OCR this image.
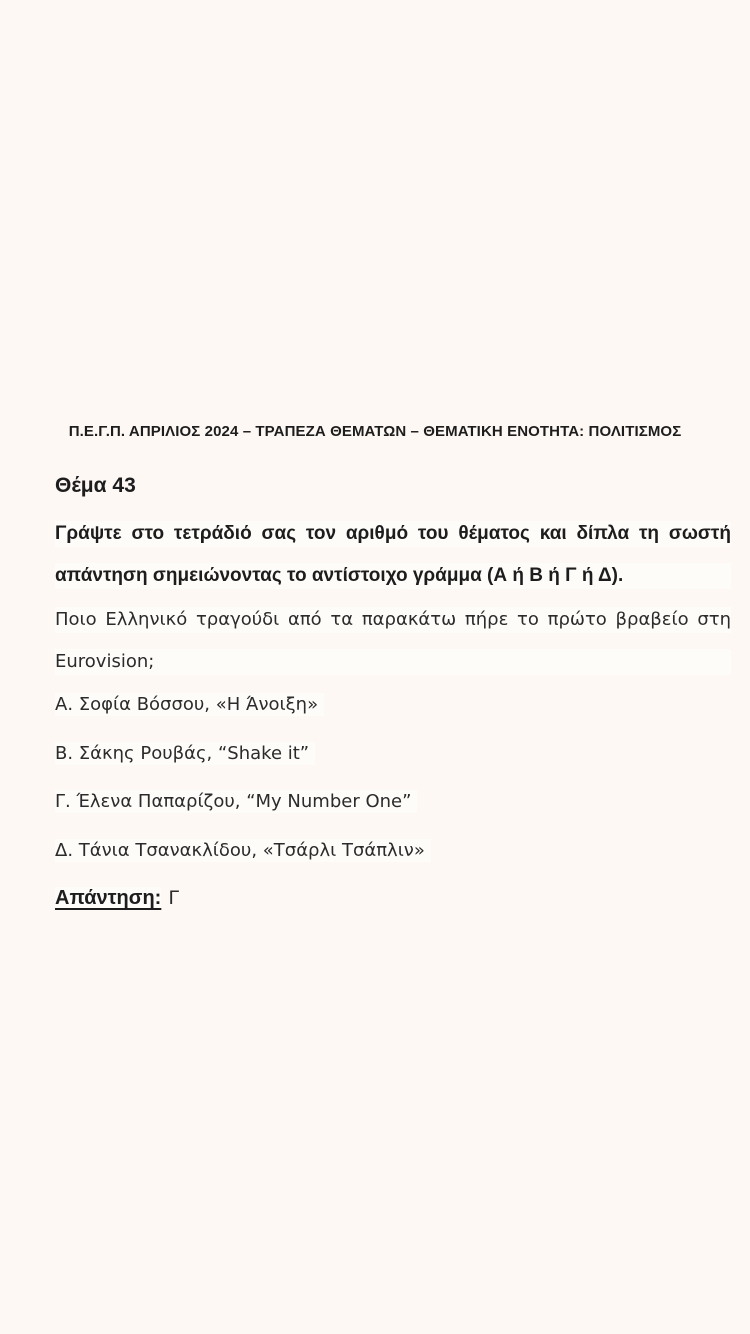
Π.Ε.Γ.Π. ΑΠΡΙΛΙΟΣ 2024 – ΤΡΑΠΕΖΑ ΘΕΜΑΤΩΝ – ΘΕΜΑΤΙΚΗ ΕΝΟΤΗΤΑ: ΠΟΛΙΤΙΣΜΟΣ
Θέμα 43
Γράψτε στο τετράδιό σας τον αριθμό του θέματος και δίπλα τη σωστή
απάντηση σημειώνοντας το αντίστοιχο γράμμα (Α ή Β ή Γ ή Δ).
Ποιο Ελληνικό τραγούδι από τα παρακάτω πήρε το πρώτο βραβείο στη
Eurovision;
Α. Σοφία Βόσσου, «Η Άνοιξη»
Β. Σάκης Ρουβάς, “Shake it”
Γ. Έλενα Παπαρίζου, “My Number One”
Δ. Τάνια Τσανακλίδου, «Τσάρλι Τσάπλιν»
Απάντηση: Γ
